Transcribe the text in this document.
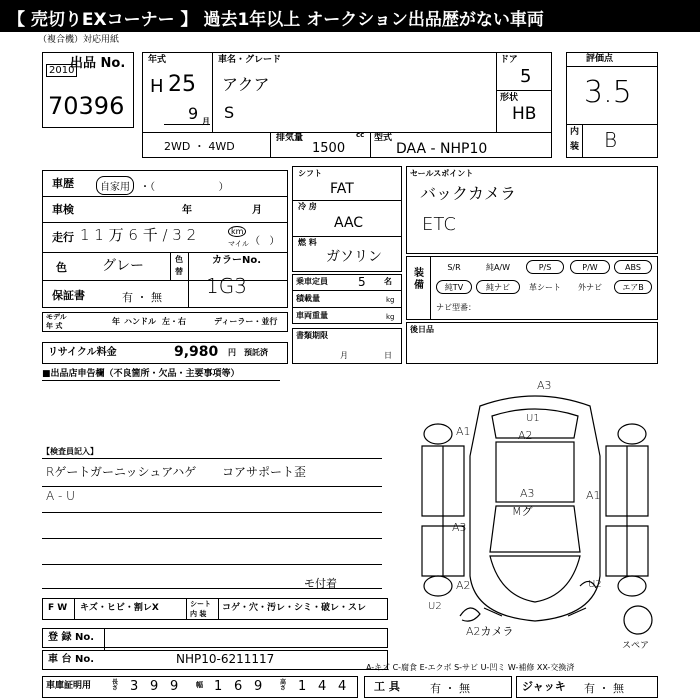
【 売切りEXコーナー 】 過去1年以上 オークション出品歴がない車両
（複合機）対応用紙
出品 No.
2010
70396
年式
H 25
9 月
車名・グレード
アクア
S
ドア
5
形状
HB
2WD ・ 4WD
排気量	cc
1500
型式
DAA - NHP10
評価点
3.5
内
装 B
車歴	自家用	・（                    ）
車検	年	月
走行 1 1 万 6 千 / 3 2	km
マイル （   ）
色	グレー	色
替
カラーNo.
1G3
保証書	有 ・ 無
モデル
年 式	年 ハンドル 左・右	ディーラー・並行
リサイクル料金	9,980 円 預託済
シフト
FAT
冷 房
AAC
燃 料
ガソリン
乗車定員	5 名
積載量	kg
車両重量	kg
書類期限
月	日
セールスポイント
バックカメラ
ETC
装備
S/R	純A/W	P/S	P/W	ABS
純TV	純ナビ	革シート	外ナビ	エアB
ナビ型番：
後日品
■出品店申告欄（不良箇所・欠品・主要事項等）
【検査員記入】
Rゲートガーニッシュアハゲ コアサポート歪
A - U
A3
A2
A1
U1
A3	A1
Mグ
A3
A2
U2
U2
A2カメラ
スペア
F W キズ・ヒビ・割レX	シート
内 装
コゲ・穴・汚レ・シミ・破レ・スレ
モ付着
登 録 No.
車 台 No.	NHP10-6211117
A-キズ C-腐食 E-エクボ S-サビ U-凹ミ W-補修 XX-交換済
車庫証明用	長さ 3 9 9	幅 1 6 9	高さ 1 4 4	工 具	有 ・ 無	ジャッキ 有 ・ 無
